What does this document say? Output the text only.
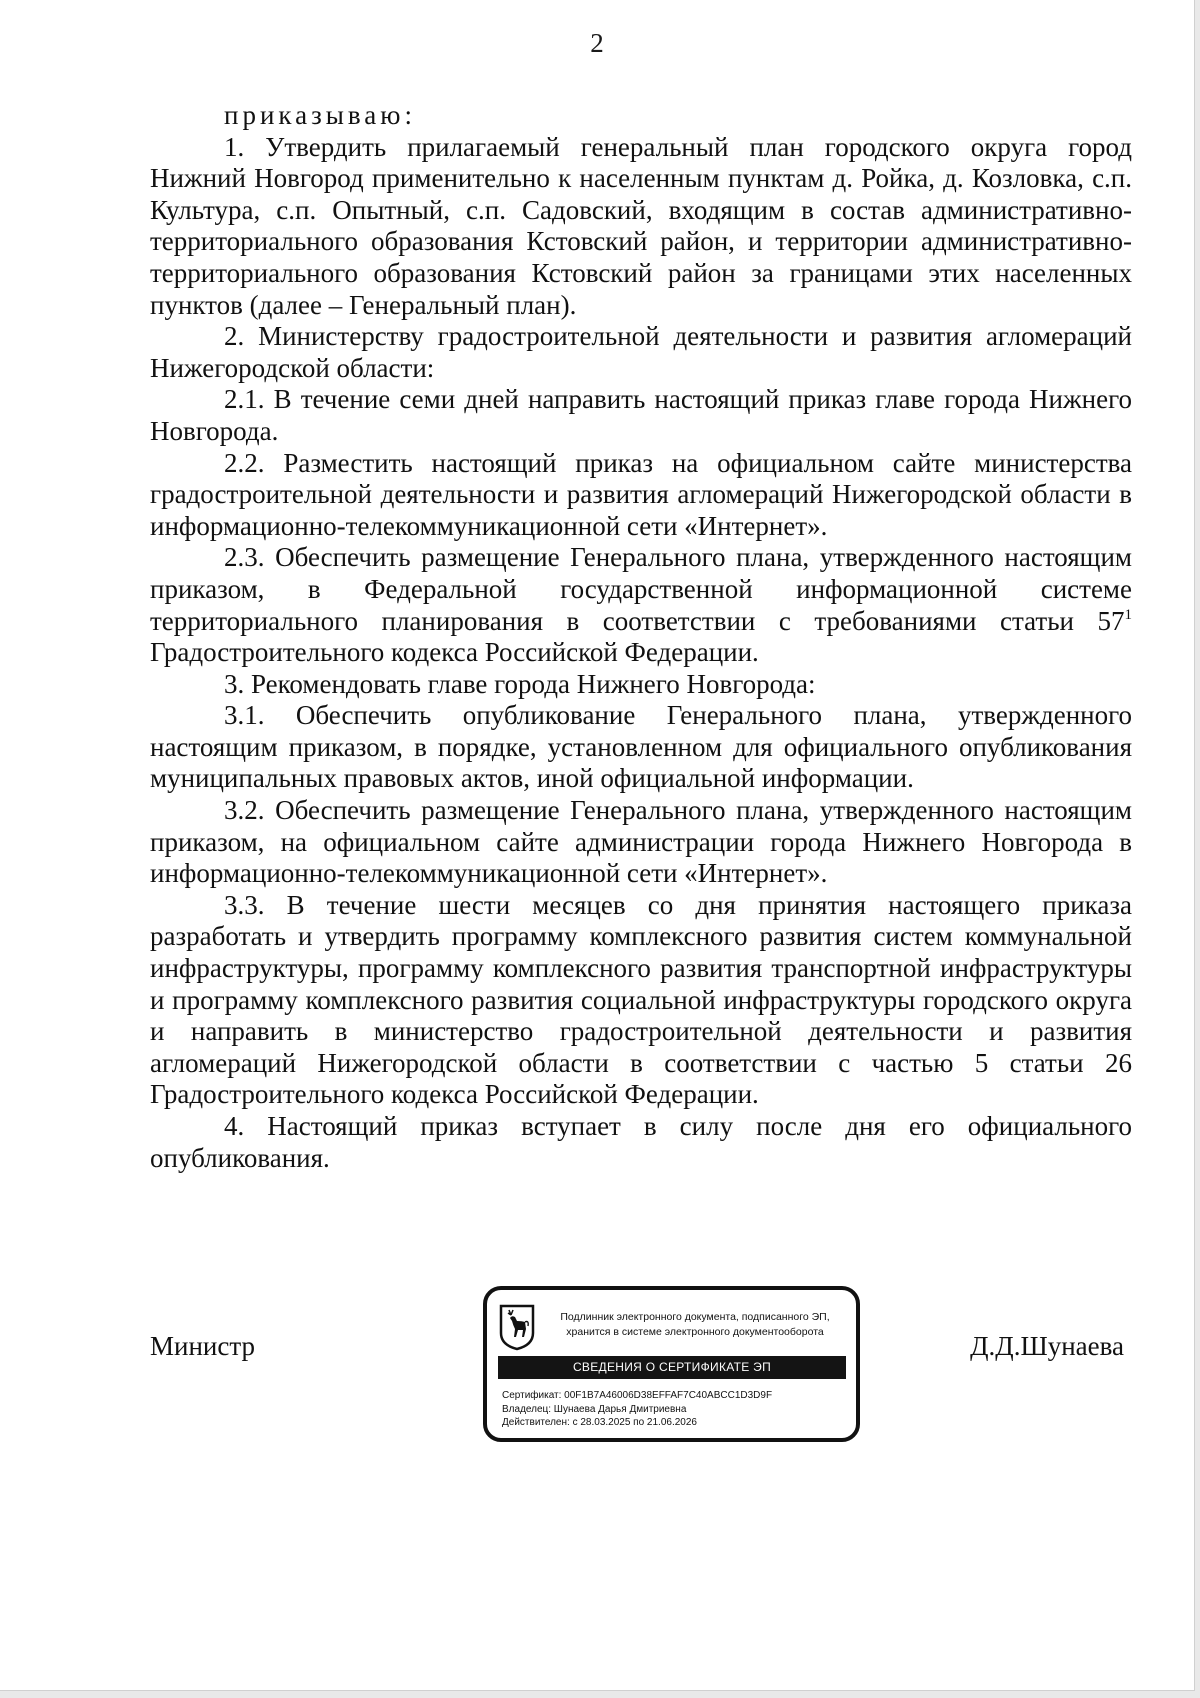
2

приказываю:

1. Утвердить прилагаемый генеральный план городского округа город Нижний Новгород применительно к населенным пунктам д. Ройка, д. Козловка, с.п. Культура, с.п. Опытный, с.п. Садовский, входящим в состав административно-территориального образования Кстовский район, и территории административно-территориального образования Кстовский район за границами этих населенных пунктов (далее – Генеральный план).

2. Министерству градостроительной деятельности и развития агломераций Нижегородской области:

2.1. В течение семи дней направить настоящий приказ главе города Нижнего Новгорода.

2.2. Разместить настоящий приказ на официальном сайте министерства градостроительной деятельности и развития агломераций Нижегородской области в информационно-телекоммуникационной сети «Интернет».

2.3. Обеспечить размещение Генерального плана, утвержденного настоящим приказом, в Федеральной государственной информационной системе территориального планирования в соответствии с требованиями статьи $57^1$ Градостроительного кодекса Российской Федерации.

3. Рекомендовать главе города Нижнего Новгорода:

3.1. Обеспечить опубликование Генерального плана, утвержденного настоящим приказом, в порядке, установленном для официального опубликования муниципальных правовых актов, иной официальной информации.

3.2. Обеспечить размещение Генерального плана, утвержденного настоящим приказом, на официальном сайте администрации города Нижнего Новгорода в информационно-телекоммуникационной сети «Интернет».

3.3. В течение шести месяцев со дня принятия настоящего приказа разработать и утвердить программу комплексного развития систем коммунальной инфраструктуры, программу комплексного развития транспортной инфраструктуры и программу комплексного развития социальной инфраструктуры городского округа и направить в министерство градостроительной деятельности и развития агломераций Нижегородской области в соответствии с частью 5 статьи 26 Градостроительного кодекса Российской Федерации.

4. Настоящий приказ вступает в силу после дня его официального опубликования.

Министр	Д.Д.Шунаева
Подлинник электронного документа, подписанного ЭП,
хранится в системе электронного документооборота
СВЕДЕНИЯ О СЕРТИФИКАТЕ ЭП
Сертификат: 00F1B7A46006D38EFFAF7C40ABCC1D3D9F
Владелец: Шунаева Дарья Дмитриевна
Действителен: с 28.03.2025 по 21.06.2026
